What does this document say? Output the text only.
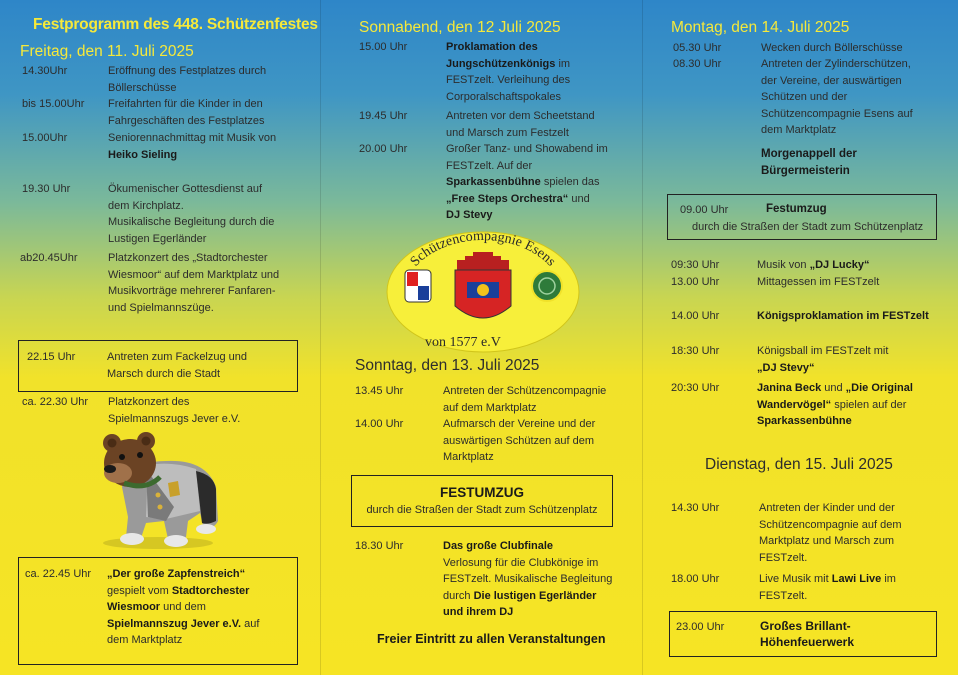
Festprogramm des 448. Schützenfestes
Freitag, den 11. Juli 2025
14.30Uhr	Eröffnung des Festplatzes durch
Böllerschüsse
bis 15.00Uhr Freifahrten für die Kinder in den
Fahrgeschäften des Festplatzes
15.00Uhr	Seniorennachmittag mit Musik von
Heiko Sieling
19.30 Uhr	Ökumenischer Gottesdienst auf
dem Kirchplatz.
Musikalische Begleitung durch die
Lustigen Egerländer
ab20.45Uhr	Platzkonzert des „Stadtorchester
Wiesmoor“ auf dem Marktplatz und
Musikvorträge mehrerer Fanfaren-
und Spielmannszüge.
22.15 Uhr	Antreten zum Fackelzug und
Marsch durch die Stadt
ca. 22.30 Uhr Platzkonzert des
Spielmannszugs Jever e.V.
ca. 22.45 Uhr „Der große Zapfenstreich“
gespielt vom Stadtorchester
Wiesmoor und dem
Spielmannszug Jever e.V. auf
dem Marktplatz
Sonnabend, den 12 Juli 2025
15.00 Uhr	Proklamation des
Jungschützenkönigs im
FESTzelt. Verleihung des
Corporalschaftspokales
19.45 Uhr	Antreten vor dem Scheetstand
und Marsch zum Festzelt
20.00 Uhr	Großer Tanz- und Showabend im
FESTzelt. Auf der
Sparkassenbühne spielen das
„Free Steps Orchestra“ und
DJ Stevy
Schützencompagnie Esens
von 1577 e.V
Sonntag, den 13. Juli 2025
13.45 Uhr	Antreten der Schützencompagnie
auf dem Marktplatz
14.00 Uhr	Aufmarsch der Vereine und der
auswärtigen Schützen auf dem
Marktplatz
FESTUMZUG
durch die Straßen der Stadt zum Schützenplatz
18.30 Uhr	Das große Clubfinale
Verlosung für die Clubkönige im
FESTzelt. Musikalische Begleitung
durch Die lustigen Egerländer
und ihrem DJ
Freier Eintritt zu allen Veranstaltungen
Montag, den 14. Juli 2025
05.30 Uhr	Wecken durch Böllerschüsse
08.30 Uhr	Antreten der Zylinderschützen,
der Vereine, der auswärtigen
Schützen und der
Schützencompagnie Esens auf
dem Marktplatz
Morgenappell der
Bürgermeisterin
09.00 Uhr	Festumzug
durch die Straßen der Stadt zum Schützenplatz
09:30 Uhr	Musik von „DJ Lucky“
13.00 Uhr	Mittagessen im FESTzelt
14.00 Uhr	Königsproklamation im FESTzelt
18:30 Uhr	Königsball im FESTzelt mit
„DJ Stevy“
20:30 Uhr	Janina Beck und „Die Original
Wandervögel“ spielen auf der
Sparkassenbühne
Dienstag, den 15. Juli 2025
14.30 Uhr	Antreten der Kinder und der
Schützencompagnie auf dem
Marktplatz und Marsch zum
FESTzelt.
18.00 Uhr	Live Musik mit Lawi Live im
FESTzelt.
23.00 Uhr	Großes Brillant-
Höhenfeuerwerk
